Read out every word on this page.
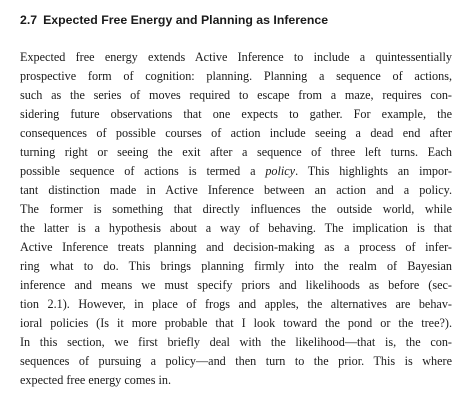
2.7 Expected Free Energy and Planning as Inference
Expected free energy extends Active Inference to include a quintessentially
prospective form of cognition: planning. Planning a sequence of actions,
such as the series of moves required to escape from a maze, requires con-
sidering future observations that one expects to gather. For example, the
consequences of possible courses of action include seeing a dead end after
turning right or seeing the exit after a sequence of three left turns. Each
possible sequence of actions is termed a policy. This highlights an impor-
tant distinction made in Active Inference between an action and a policy.
The former is something that directly influences the outside world, while
the latter is a hypothesis about a way of behaving. The implication is that
Active Inference treats planning and decision-making as a process of infer-
ring what to do. This brings planning firmly into the realm of Bayesian
inference and means we must specify priors and likelihoods as before (sec-
tion 2.1). However, in place of frogs and apples, the alternatives are behav-
ioral policies (Is it more probable that I look toward the pond or the tree?).
In this section, we first briefly deal with the likelihood—that is, the con-
sequences of pursuing a policy—and then turn to the prior. This is where
expected free energy comes in.
